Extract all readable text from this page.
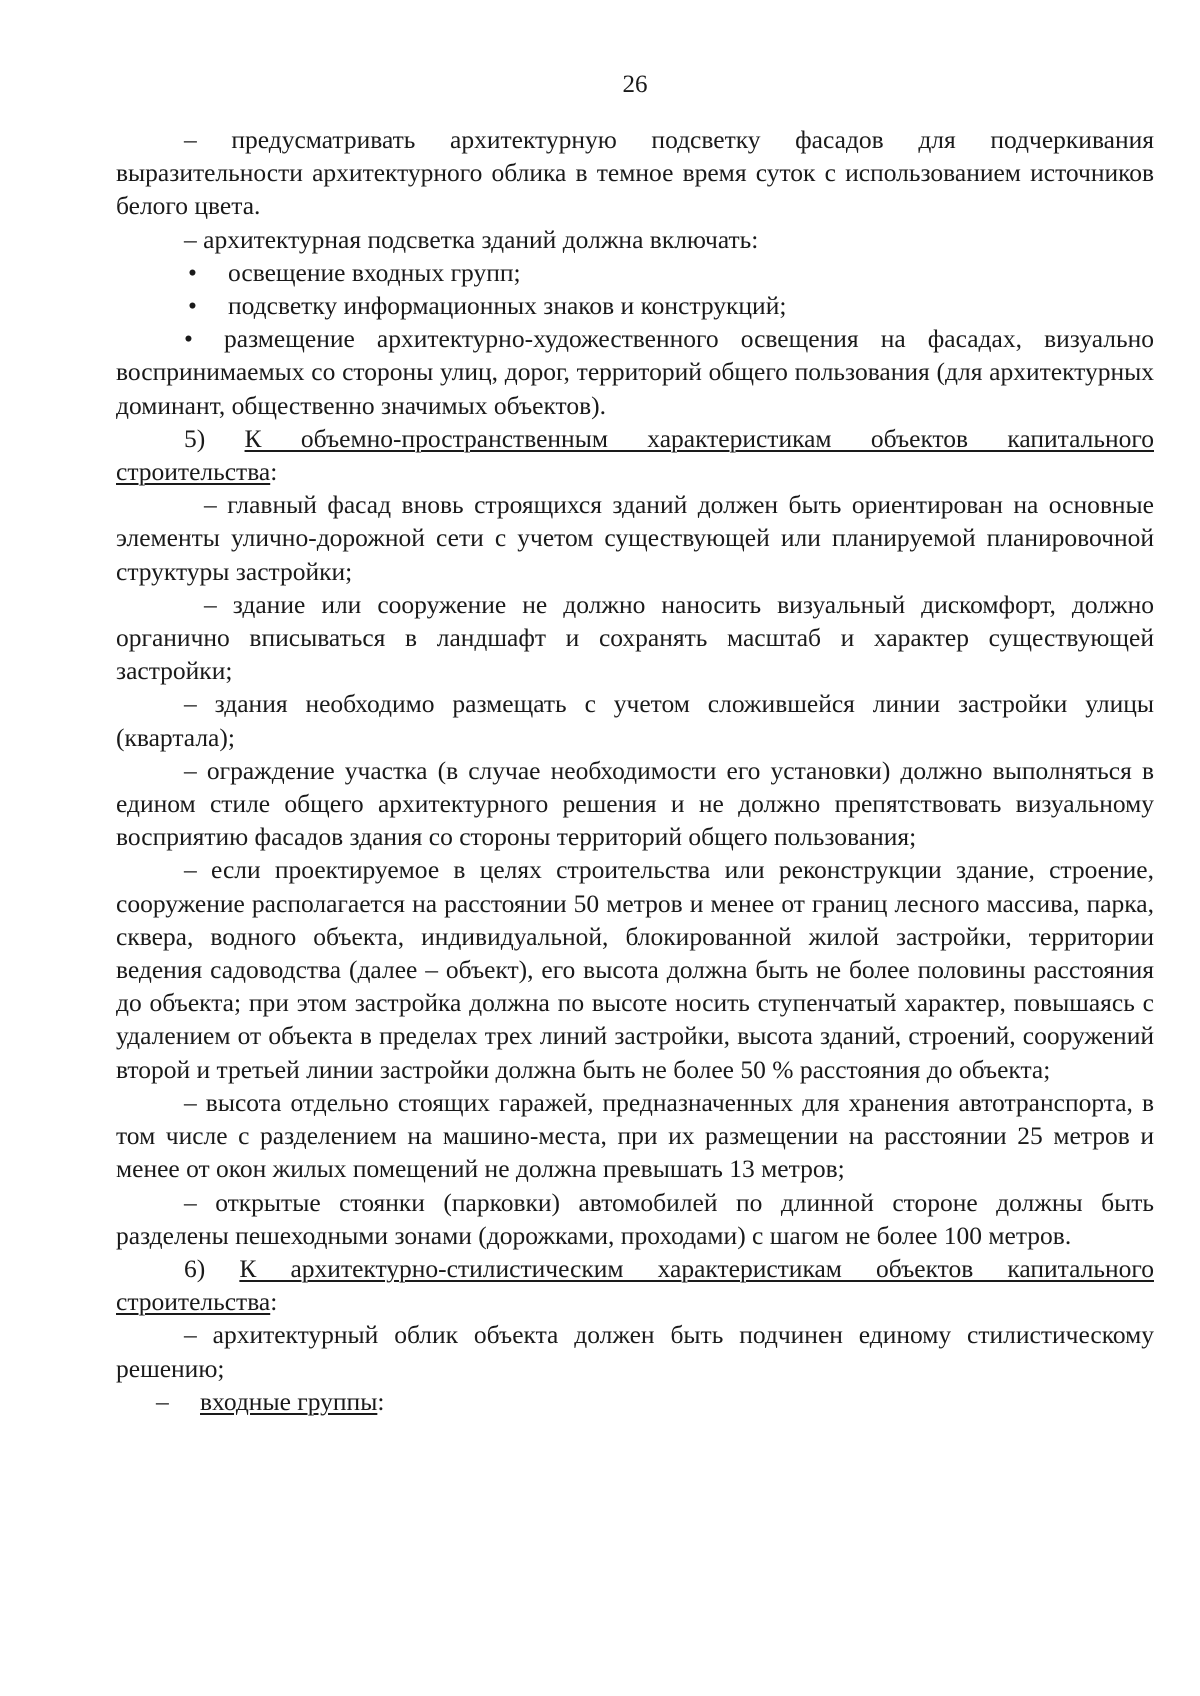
26

– предусматривать архитектурную подсветку фасадов для подчеркивания выразительности архитектурного облика в темное время суток с использованием источников белого цвета.

– архитектурная подсветка зданий должна включать:

• освещение входных групп;

• подсветку информационных знаков и конструкций;

• размещение архитектурно-художественного освещения на фасадах, визуально воспринимаемых со стороны улиц, дорог, территорий общего пользования (для архитектурных доминант, общественно значимых объектов).

5) К объемно-пространственным характеристикам объектов капитального строительства:

– главный фасад вновь строящихся зданий должен быть ориентирован на основные элементы улично-дорожной сети с учетом существующей или планируемой планировочной структуры застройки;

– здание или сооружение не должно наносить визуальный дискомфорт, должно органично вписываться в ландшафт и сохранять масштаб и характер существующей застройки;

– здания необходимо размещать с учетом сложившейся линии застройки улицы (квартала);

– ограждение участка (в случае необходимости его установки) должно выполняться в едином стиле общего архитектурного решения и не должно препятствовать визуальному восприятию фасадов здания со стороны территорий общего пользования;

– если проектируемое в целях строительства или реконструкции здание, строение, сооружение располагается на расстоянии 50 метров и менее от границ лесного массива, парка, сквера, водного объекта, индивидуальной, блокированной жилой застройки, территории ведения садоводства (далее – объект), его высота должна быть не более половины расстояния до объекта; при этом застройка должна по высоте носить ступенчатый характер, повышаясь с удалением от объекта в пределах трех линий застройки, высота зданий, строений, сооружений второй и третьей линии застройки должна быть не более 50 % расстояния до объекта;

– высота отдельно стоящих гаражей, предназначенных для хранения автотранспорта, в том числе с разделением на машино-места, при их размещении на расстоянии 25 метров и менее от окон жилых помещений не должна превышать 13 метров;

– открытые стоянки (парковки) автомобилей по длинной стороне должны быть разделены пешеходными зонами (дорожками, проходами) с шагом не более 100 метров.

6) К архитектурно-стилистическим характеристикам объектов капитального строительства:

– архитектурный облик объекта должен быть подчинен единому стилистическому решению;

– входные группы:
